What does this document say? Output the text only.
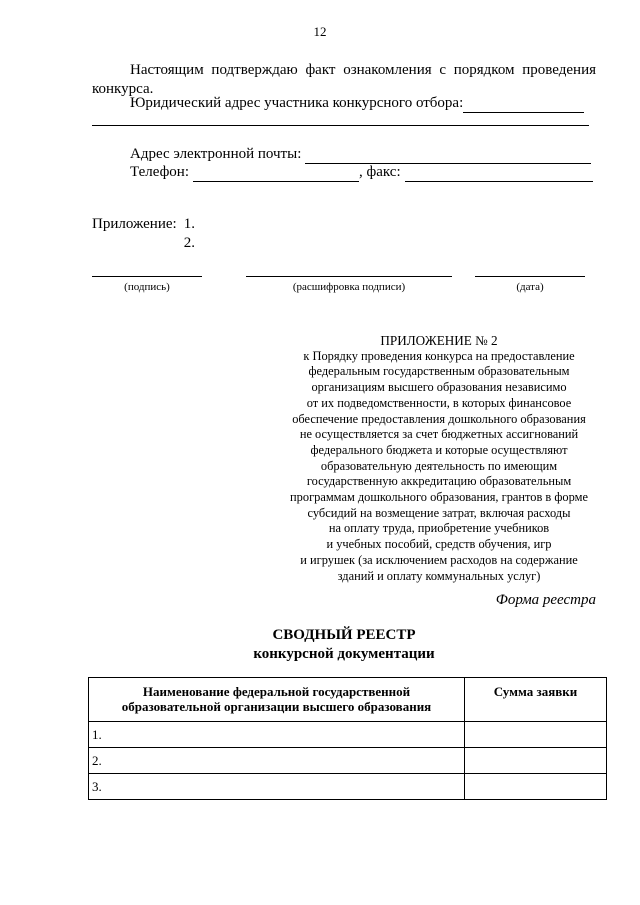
12
Настоящим подтверждаю факт ознакомления с порядком проведения конкурса.
Юридический адрес участника конкурсного отбора:
Адрес электронной почты:
Телефон:	, факс:
Приложение: 1.
2.
(подпись)	(расшифровка подписи)	(дата)
ПРИЛОЖЕНИЕ № 2
к Порядку проведения конкурса на предоставление
федеральным государственным образовательным
организациям высшего образования независимо
от их подведомственности, в которых финансовое
обеспечение предоставления дошкольного образования
не осуществляется за счет бюджетных ассигнований
федерального бюджета и которые осуществляют
образовательную деятельность по имеющим
государственную аккредитацию образовательным
программам дошкольного образования, грантов в форме
субсидий на возмещение затрат, включая расходы
на оплату труда, приобретение учебников
и учебных пособий, средств обучения, игр
и игрушек (за исключением расходов на содержание
зданий и оплату коммунальных услуг)
Форма реестра
СВОДНЫЙ РЕЕСТР
конкурсной документации
Наименование федеральной государственной образовательной организации высшего образования	Сумма заявки
1.	
2.	
3.	
